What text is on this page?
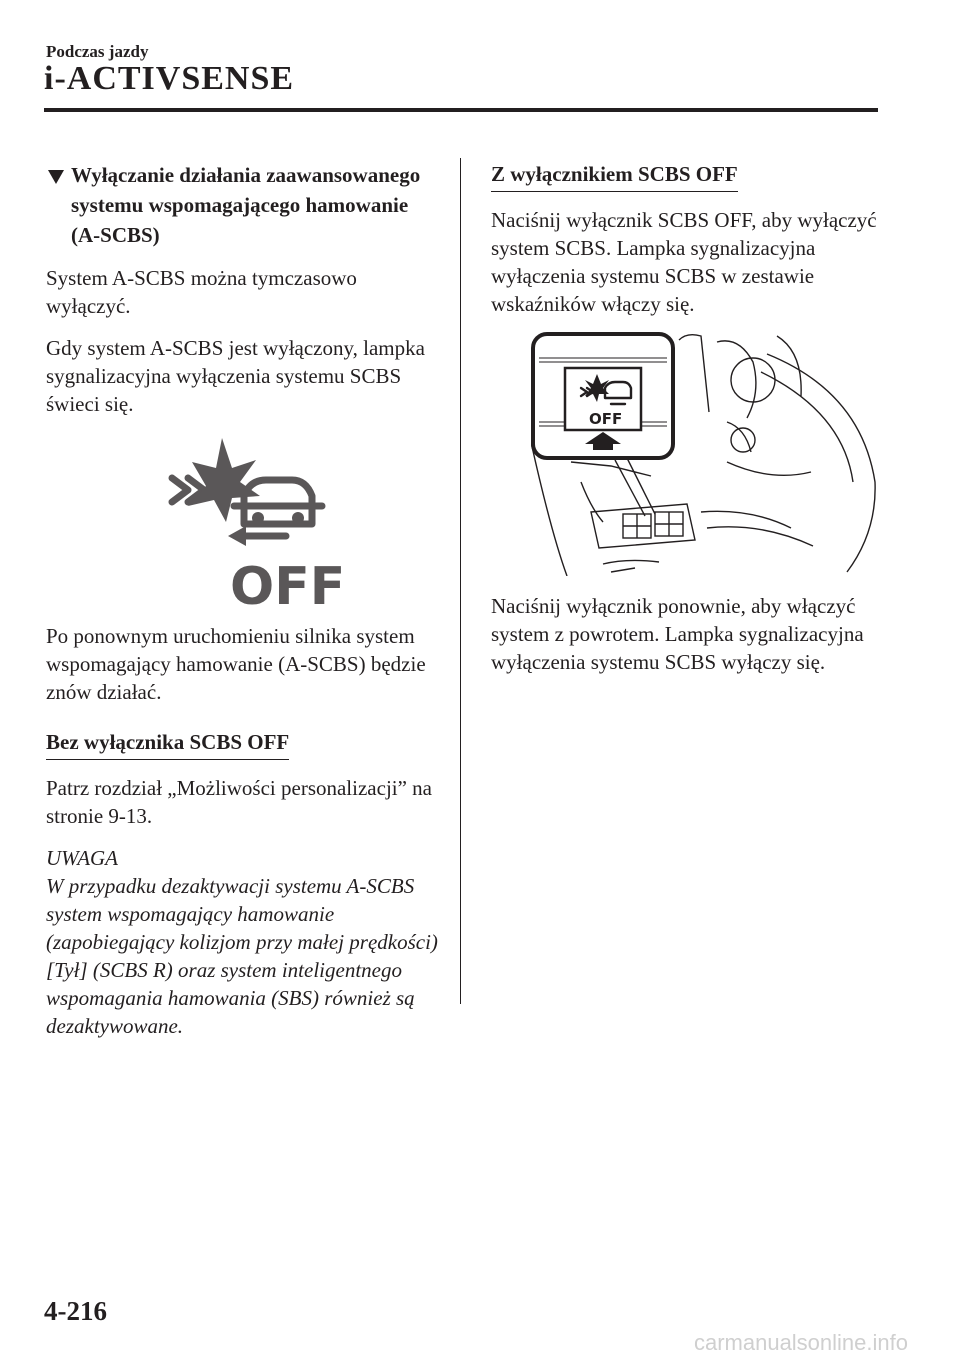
Podczas jazdy
i-ACTIVSENSE
Wyłączanie działania zaawansowanego systemu wspomagającego hamowanie (A-SCBS)

System A-SCBS można tymczasowo wyłączyć.

Gdy system A-SCBS jest wyłączony, lampka sygnalizacyjna wyłączenia systemu SCBS świeci się.

OFF

Po ponownym uruchomieniu silnika system wspomagający hamowanie (A-SCBS) będzie znów działać.

Bez wyłącznika SCBS OFF

Patrz rozdział „Możliwości personalizacji” na stronie 9-13.

UWAGA
W przypadku dezaktywacji systemu A-SCBS system wspomagający hamowanie (zapobiegający kolizjom przy małej prędkości) [Tył] (SCBS R) oraz system inteligentnego wspomagania hamowania (SBS) również są dezaktywowane.
Z wyłącznikiem SCBS OFF

Naciśnij wyłącznik SCBS OFF, aby wyłączyć system SCBS. Lampka sygnalizacyjna wyłączenia systemu SCBS w zestawie wskaźników włączy się.

OFF

Naciśnij wyłącznik ponownie, aby włączyć system z powrotem. Lampka sygnalizacyjna wyłączenia systemu SCBS wyłączy się.

4-216
carmanualsonline.info
